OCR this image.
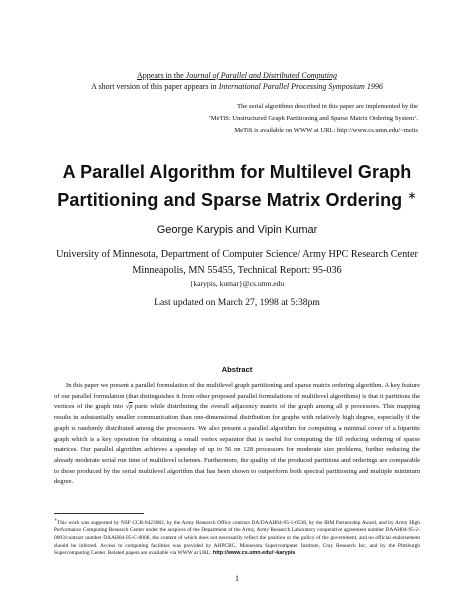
Appears in the Journal of Parallel and Distributed Computing
A short version of this paper appears in International Parallel Processing Symposium 1996
The serial algorithms described in this paper are implemented by the
‘MeTiS: Unstructured Graph Partitioning and Sparse Matrix Ordering System’.
MeTiS is available on WWW at URL: http://www.cs.umn.edu/~metis
A Parallel Algorithm for Multilevel Graph
Partitioning and Sparse Matrix Ordering ∗
George Karypis and Vipin Kumar
University of Minnesota, Department of Computer Science/ Army HPC Research Center
Minneapolis, MN 55455, Technical Report: 95-036
{karypis, kumar}@cs.umn.edu
Last updated on March 27, 1998 at 5:38pm
Abstract
In this paper we present a parallel formulation of the multilevel graph partitioning and sparse matrix ordering algorithm. A key feature of our parallel formulation (that distinguishes it from other proposed parallel formulations of multilevel algorithms) is that it partitions the vertices of the graph into √p parts while distributing the overall adjacency matrix of the graph among all p processors. This mapping results in substantially smaller communication than one-dimensional distribution for graphs with relatively high degree, especially if the graph is randomly distributed among the processors. We also present a parallel algorithm for computing a minimal cover of a bipartite graph which is a key operation for obtaining a small vertex separator that is useful for computing the fill reducing ordering of sparse matrices. Our parallel algorithm achieves a speedup of up to 56 on 128 processors for moderate size problems, further reducing the already moderate serial run time of multilevel schemes. Furthermore, the quality of the produced partitions and orderings are comparable to those produced by the serial multilevel algorithm that has been shown to outperform both spectral partitioning and multiple minimum degree.
∗This work was supported by NSF CCR-9423082, by the Army Research Office contract DA/DAAH04-95-1-0538, by the IBM Partnership Award, and by Army High Performance Computing Research Center under the auspices of the Department of the Army, Army Research Laboratory cooperative agreement number DAAH04-95-2-0003/contract number DAAH04-95-C-0008, the content of which does not necessarily reflect the position or the policy of the government, and no official endorsement should be inferred. Access to computing facilities was provided by AHPCRC, Minnesota Supercomputer Institute, Cray Research Inc, and by the Pittsburgh Supercomputing Center. Related papers are available via WWW at URL: http://www.cs.umn.edu/~karypis
1
